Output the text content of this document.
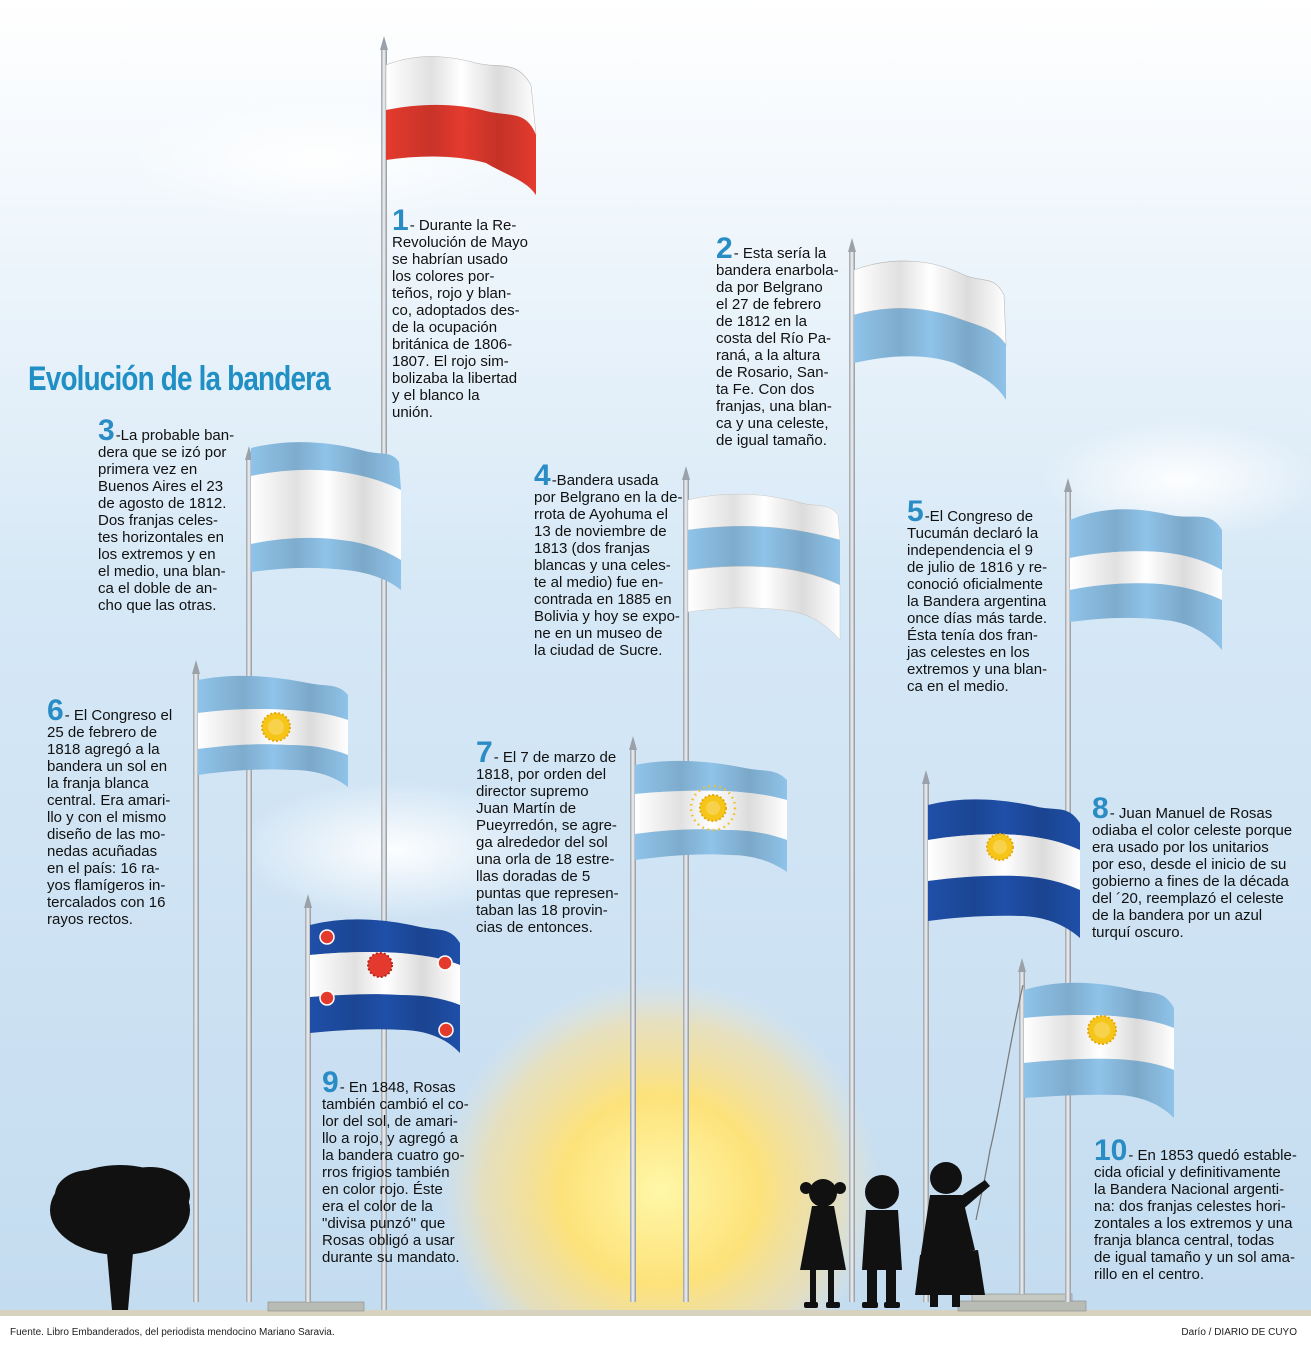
Evolución de la bandera
1- Durante la Re-
Revolución de Mayo
se habrían usado
los colores por-
teños, rojo y blan-
co, adoptados des-
de la ocupación
británica de 1806-
1807. El rojo sim-
bolizaba la libertad
y el blanco la
unión.
2- Esta sería la
bandera enarbola-
da por Belgrano
el 27 de febrero
de 1812 en la
costa del Río Pa-
raná, a la altura
de Rosario, San-
ta Fe. Con dos
franjas, una blan-
ca y una celeste,
de igual tamaño.
3-La probable ban-
dera que se izó por
primera vez en
Buenos Aires el 23
de agosto de 1812.
Dos franjas celes-
tes horizontales en
los extremos y en
el medio, una blan-
ca el doble de an-
cho que las otras.
4-Bandera usada
por Belgrano en la de-
rrota de Ayohuma el
13 de noviembre de
1813 (dos franjas
blancas y una celes-
te al medio) fue en-
contrada en 1885 en
Bolivia y hoy se expo-
ne en un museo de
la ciudad de Sucre.
5-El Congreso de
Tucumán declaró la
independencia el 9
de julio de 1816 y re-
conoció oficialmente
la Bandera argentina
once días más tarde.
Ésta tenía dos fran-
jas celestes en los
extremos y una blan-
ca en el medio.
6- El Congreso el
25 de febrero de
1818 agregó a la
bandera un sol en
la franja blanca
central. Era amari-
llo y con el mismo
diseño de las mo-
nedas acuñadas
en el país: 16 ra-
yos flamígeros in-
tercalados con 16
rayos rectos.
7- El 7 de marzo de
1818, por orden del
director supremo
Juan Martín de
Pueyrredón, se agre-
ga alrededor del sol
una orla de 18 estre-
llas doradas de 5
puntas que represen-
taban las 18 provin-
cias de entonces.
8- Juan Manuel de Rosas
odiaba el color celeste porque
era usado por los unitarios
por eso, desde el inicio de su
gobierno a fines de la década
del ´20, reemplazó el celeste
de la bandera por un azul
turquí oscuro.
9- En 1848, Rosas
también cambió el co-
lor del sol, de amari-
llo a rojo, y agregó a
la bandera cuatro go-
rros frigios también
en color rojo. Éste
era el color de la
"divisa punzó" que
Rosas obligó a usar
durante su mandato.
10- En 1853 quedó estable-
cida oficial y definitivamente
la Bandera Nacional argenti-
na: dos franjas celestes hori-
zontales a los extremos y una
franja blanca central, todas
de igual tamaño y un sol ama-
rillo en el centro.
Fuente. Libro Embanderados, del periodista mendocino Mariano Saravia.	Darío / DIARIO DE CUYO
